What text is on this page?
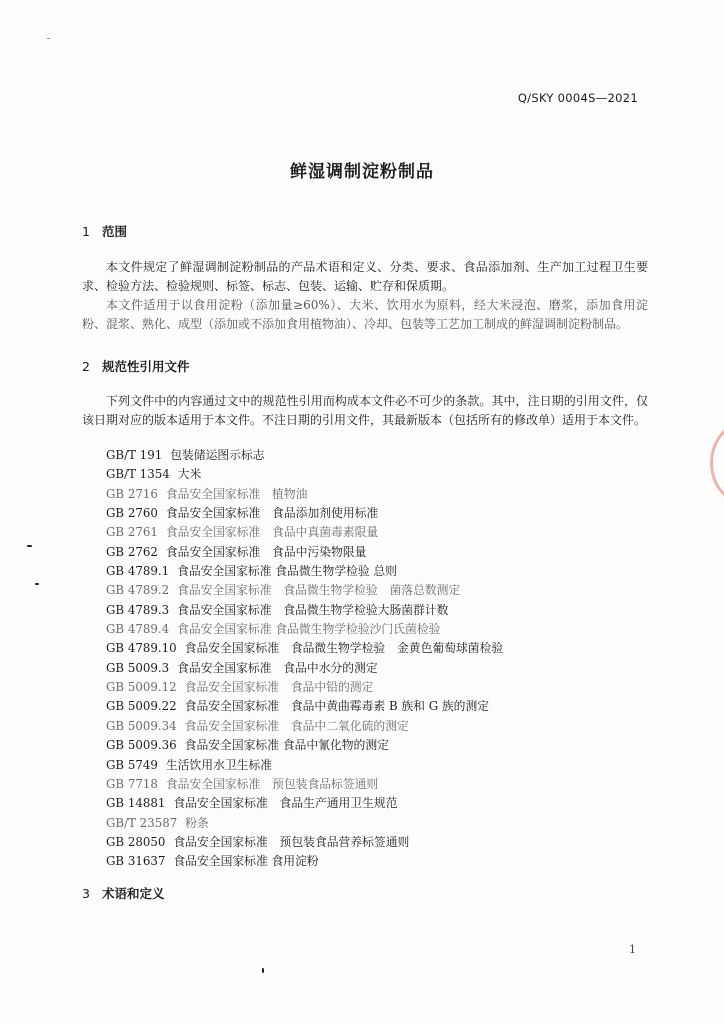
Q/SKY 0004S—2021
鲜湿调制淀粉制品
1 范围
本文件规定了鲜湿调制淀粉制品的产品术语和定义、分类、要求、食品添加剂、生产加工过程卫生要求、检验方法、检验规则、标签、标志、包装、运输、贮存和保质期。
本文件适用于以食用淀粉（添加量≥60%）、大米、饮用水为原料，经大米浸泡、磨浆，添加食用淀粉、混浆、熟化、成型（添加或不添加食用植物油）、冷却、包装等工艺加工制成的鲜湿调制淀粉制品。
2 规范性引用文件
下列文件中的内容通过文中的规范性引用而构成本文件必不可少的条款。其中，注日期的引用文件，仅该日期对应的版本适用于本文件。不注日期的引用文件，其最新版本（包括所有的修改单）适用于本文件。
GB/T 191 包装储运图示标志
GB/T 1354 大米
GB 2716 食品安全国家标准　植物油
GB 2760 食品安全国家标准　食品添加剂使用标准
GB 2761 食品安全国家标准　食品中真菌毒素限量
GB 2762 食品安全国家标准　食品中污染物限量
GB 4789.1 食品安全国家标准 食品微生物学检验 总则
GB 4789.2 食品安全国家标准　食品微生物学检验　菌落总数测定
GB 4789.3 食品安全国家标准　食品微生物学检验大肠菌群计数
GB 4789.4 食品安全国家标准 食品微生物学检验沙门氏菌检验
GB 4789.10 食品安全国家标准　食品微生物学检验　金黄色葡萄球菌检验
GB 5009.3 食品安全国家标准　食品中水分的测定
GB 5009.12 食品安全国家标准　食品中铅的测定
GB 5009.22 食品安全国家标准　食品中黄曲霉毒素 B 族和 G 族的测定
GB 5009.34 食品安全国家标准　食品中二氧化硫的测定
GB 5009.36 食品安全国家标准 食品中氰化物的测定
GB 5749 生活饮用水卫生标准
GB 7718 食品安全国家标准　预包装食品标签通则
GB 14881 食品安全国家标准　食品生产通用卫生规范
GB/T 23587 粉条
GB 28050 食品安全国家标准　预包装食品营养标签通则
GB 31637 食品安全国家标准 食用淀粉
3 术语和定义
1
